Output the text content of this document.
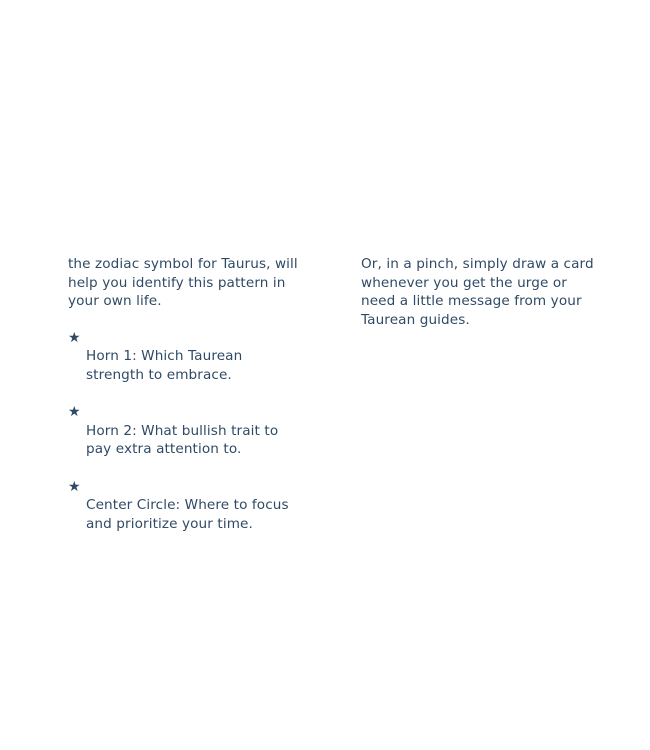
the zodiac symbol for Taurus, will
help you identify this pattern in
your own life.

★
Horn 1: Which Taurean
strength to embrace.

★
Horn 2: What bullish trait to
pay extra attention to.

★
Center Circle: Where to focus
and prioritize your time.

Or, in a pinch, simply draw a card
whenever you get the urge or
need a little message from your
Taurean guides.
